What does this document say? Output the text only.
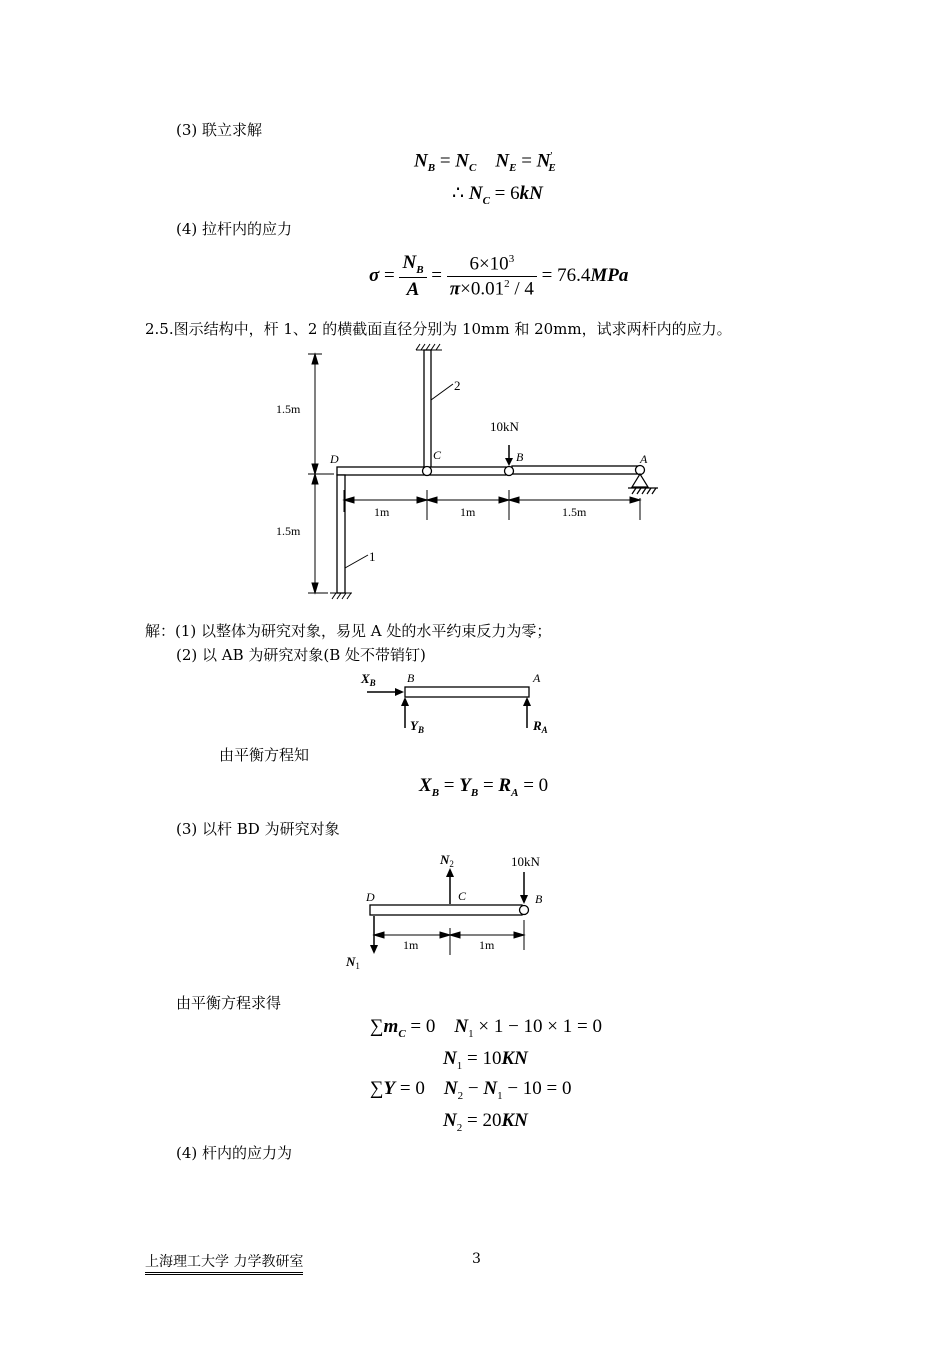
(3) 联立求解
$N_B = N_C$ $N_E = N'_E$
∴ $N_C = 6kN$
(4) 拉杆内的应力
$\sigma = \frac{N_B}{A} = \frac{6\times 10^3}{\pi\times 0.01^2 / 4} = 76.4MPa$
2.5.图示结构中，杆 1、2 的横截面直径分别为 10mm 和 20mm，试求两杆内的应力。
2
1
10kN
D	C	B	A
1.5m
1.5m
1m	1m	1.5m
解：(1) 以整体为研究对象，易见 A 处的水平约束反力为零；
(2) 以 AB 为研究对象(B 处不带销钉)
$X_B$	B	A
$Y_B$	$R_A$
由平衡方程知
$X_B = Y_B = R_A = 0$
(3) 以杆 BD 为研究对象
$N_2$	10kN
$N_1$
D	C	B
1m	1m
由平衡方程求得
$\sum m_C = 0$    $N_1 \times 1 - 10 \times 1 = 0$
$N_1 = 10KN$
∑Y = 0    $N_2 - N_1 - 10 = 0$
$N_2 = 20KN$
(4) 杆内的应力为
上海理工大学 力学教研室	3
